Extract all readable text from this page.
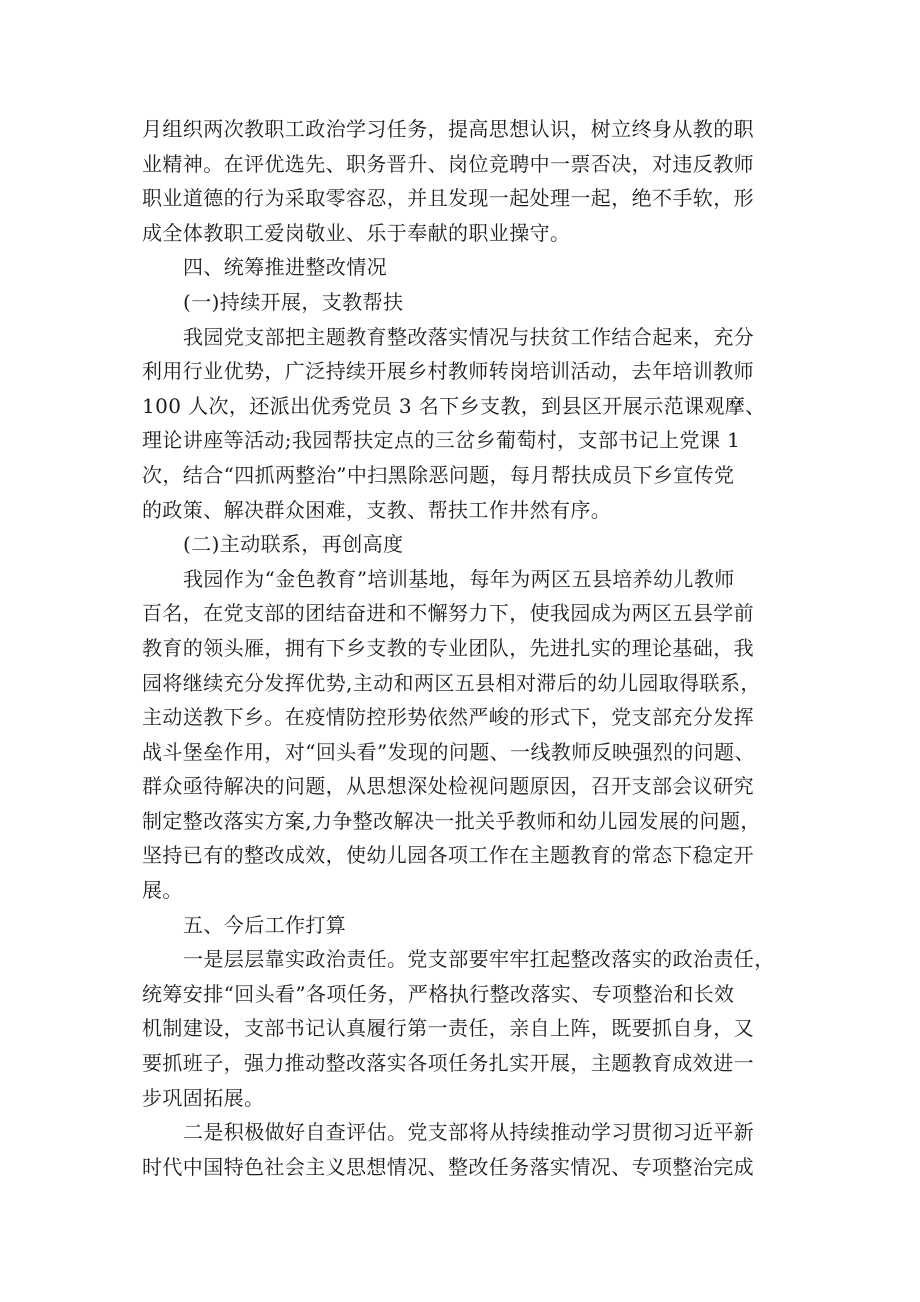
月组织两次教职工政治学习任务，提高思想认识，树立终身从教的职
业精神。在评优选先、职务晋升、岗位竞聘中一票否决，对违反教师
职业道德的行为采取零容忍，并且发现一起处理一起，绝不手软，形
成全体教职工爱岗敬业、乐于奉献的职业操守。
四、统筹推进整改情况
(一)持续开展，支教帮扶
我园党支部把主题教育整改落实情况与扶贫工作结合起来，充分
利用行业优势，广泛持续开展乡村教师转岗培训活动，去年培训教师
100 人次，还派出优秀党员 3 名下乡支教，到县区开展示范课观摩、
理论讲座等活动;我园帮扶定点的三岔乡葡萄村，支部书记上党课 1
次，结合“四抓两整治”中扫黑除恶问题，每月帮扶成员下乡宣传党
的政策、解决群众困难，支教、帮扶工作井然有序。
(二)主动联系，再创高度
我园作为“金色教育”培训基地，每年为两区五县培养幼儿教师
百名，在党支部的团结奋进和不懈努力下，使我园成为两区五县学前
教育的领头雁，拥有下乡支教的专业团队，先进扎实的理论基础，我
园将继续充分发挥优势,主动和两区五县相对滞后的幼儿园取得联系，
主动送教下乡。在疫情防控形势依然严峻的形式下，党支部充分发挥
战斗堡垒作用，对“回头看”发现的问题、一线教师反映强烈的问题、
群众亟待解决的问题，从思想深处检视问题原因，召开支部会议研究
制定整改落实方案,力争整改解决一批关乎教师和幼儿园发展的问题，
坚持已有的整改成效，使幼儿园各项工作在主题教育的常态下稳定开
展。
五、今后工作打算
一是层层靠实政治责任。党支部要牢牢扛起整改落实的政治责任，
统筹安排“回头看”各项任务，严格执行整改落实、专项整治和长效
机制建设，支部书记认真履行第一责任，亲自上阵，既要抓自身，又
要抓班子，强力推动整改落实各项任务扎实开展，主题教育成效进一
步巩固拓展。
二是积极做好自查评估。党支部将从持续推动学习贯彻习近平新
时代中国特色社会主义思想情况、整改任务落实情况、专项整治完成
